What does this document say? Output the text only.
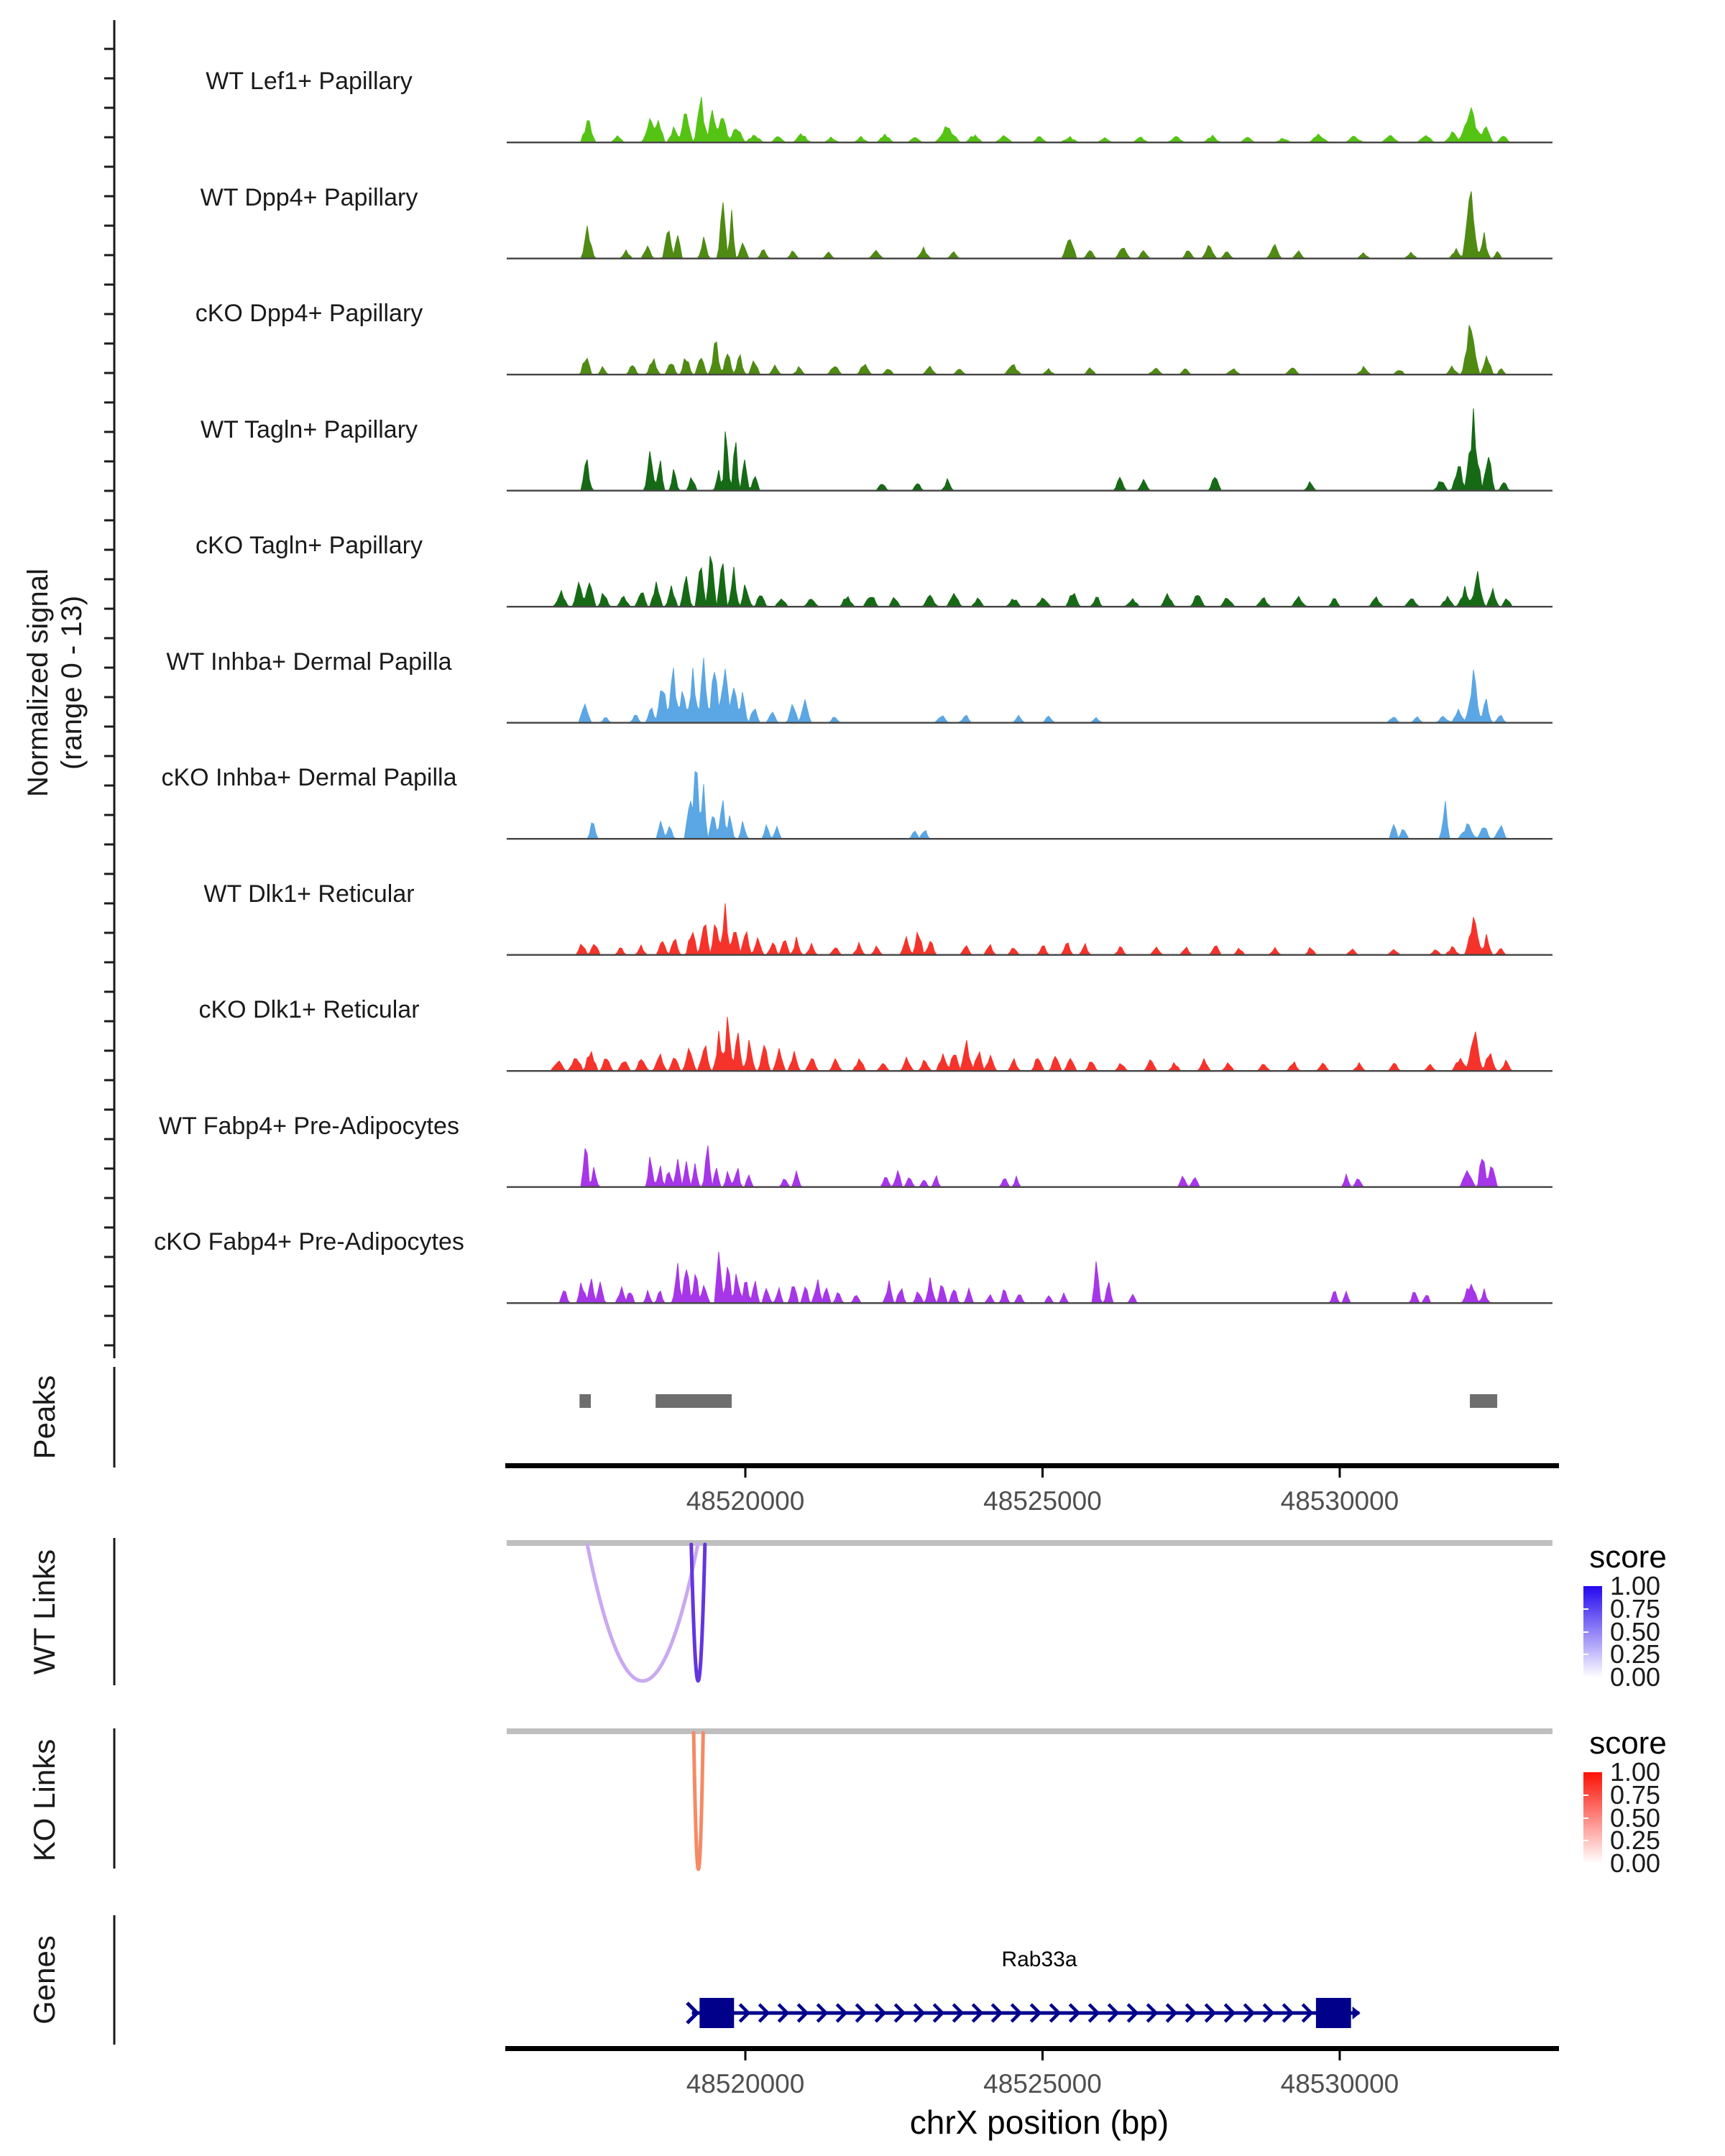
Normalized signal (range 0 - 13)
Peaks
WT Links
KO Links
Genes	Rab33a
chrX position (bp)
WT Lef1+ Papillary
WT Dpp4+ Papillary
cKO Dpp4+ Papillary
WT Tagln+ Papillary
cKO Tagln+ Papillary
WT Inhba+ Dermal Papilla
cKO Inhba+ Dermal Papilla
WT Dlk1+ Reticular
cKO Dlk1+ Reticular
WT Fabp4+ Pre-Adipocytes
cKO Fabp4+ Pre-Adipocytes
48520000	48525000	48530000
48520000	48525000	48530000
score
1.00
0.75
0.50
0.25
0.00
score
1.00
0.75
0.50
0.25
0.00
